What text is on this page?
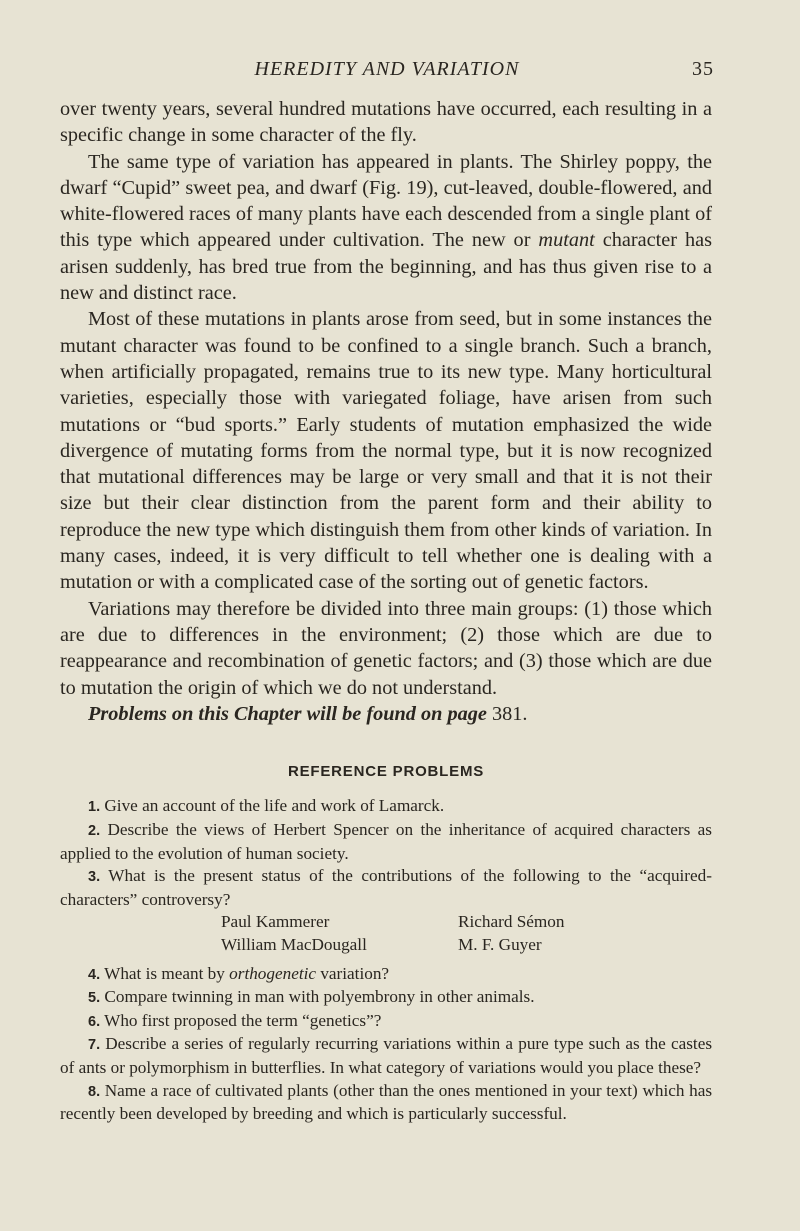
HEREDITY AND VARIATION	35

over twenty years, several hundred mutations have occurred, each resulting in a specific change in some character of the fly.

The same type of variation has appeared in plants. The Shirley poppy, the dwarf “Cupid” sweet pea, and dwarf (Fig. 19), cut-leaved, double-flowered, and white-flowered races of many plants have each descended from a single plant of this type which appeared under cultivation. The new or mutant character has arisen suddenly, has bred true from the beginning, and has thus given rise to a new and distinct race.

Most of these mutations in plants arose from seed, but in some instances the mutant character was found to be confined to a single branch. Such a branch, when artificially propagated, remains true to its new type. Many horticultural varieties, especially those with variegated foliage, have arisen from such mutations or “bud sports.” Early students of mutation emphasized the wide divergence of mutating forms from the normal type, but it is now recognized that mutational differences may be large or very small and that it is not their size but their clear distinction from the parent form and their ability to reproduce the new type which distinguish them from other kinds of variation. In many cases, indeed, it is very difficult to tell whether one is dealing with a mutation or with a complicated case of the sorting out of genetic factors.

Variations may therefore be divided into three main groups: (1) those which are due to differences in the environment; (2) those which are due to reappearance and recombination of genetic factors; and (3) those which are due to mutation the origin of which we do not understand.

Problems on this Chapter will be found on page 381.

REFERENCE PROBLEMS

1. Give an account of the life and work of Lamarck.

2. Describe the views of Herbert Spencer on the inheritance of acquired characters as applied to the evolution of human society.

3. What is the present status of the contributions of the following to the “acquired-characters” controversy?

Paul Kammerer	Richard Sémon
William MacDougall	M. F. Guyer

4. What is meant by orthogenetic variation?

5. Compare twinning in man with polyembrony in other animals.

6. Who first proposed the term “genetics”?

7. Describe a series of regularly recurring variations within a pure type such as the castes of ants or polymorphism in butterflies. In what category of variations would you place these?

8. Name a race of cultivated plants (other than the ones mentioned in your text) which has recently been developed by breeding and which is particularly successful.
